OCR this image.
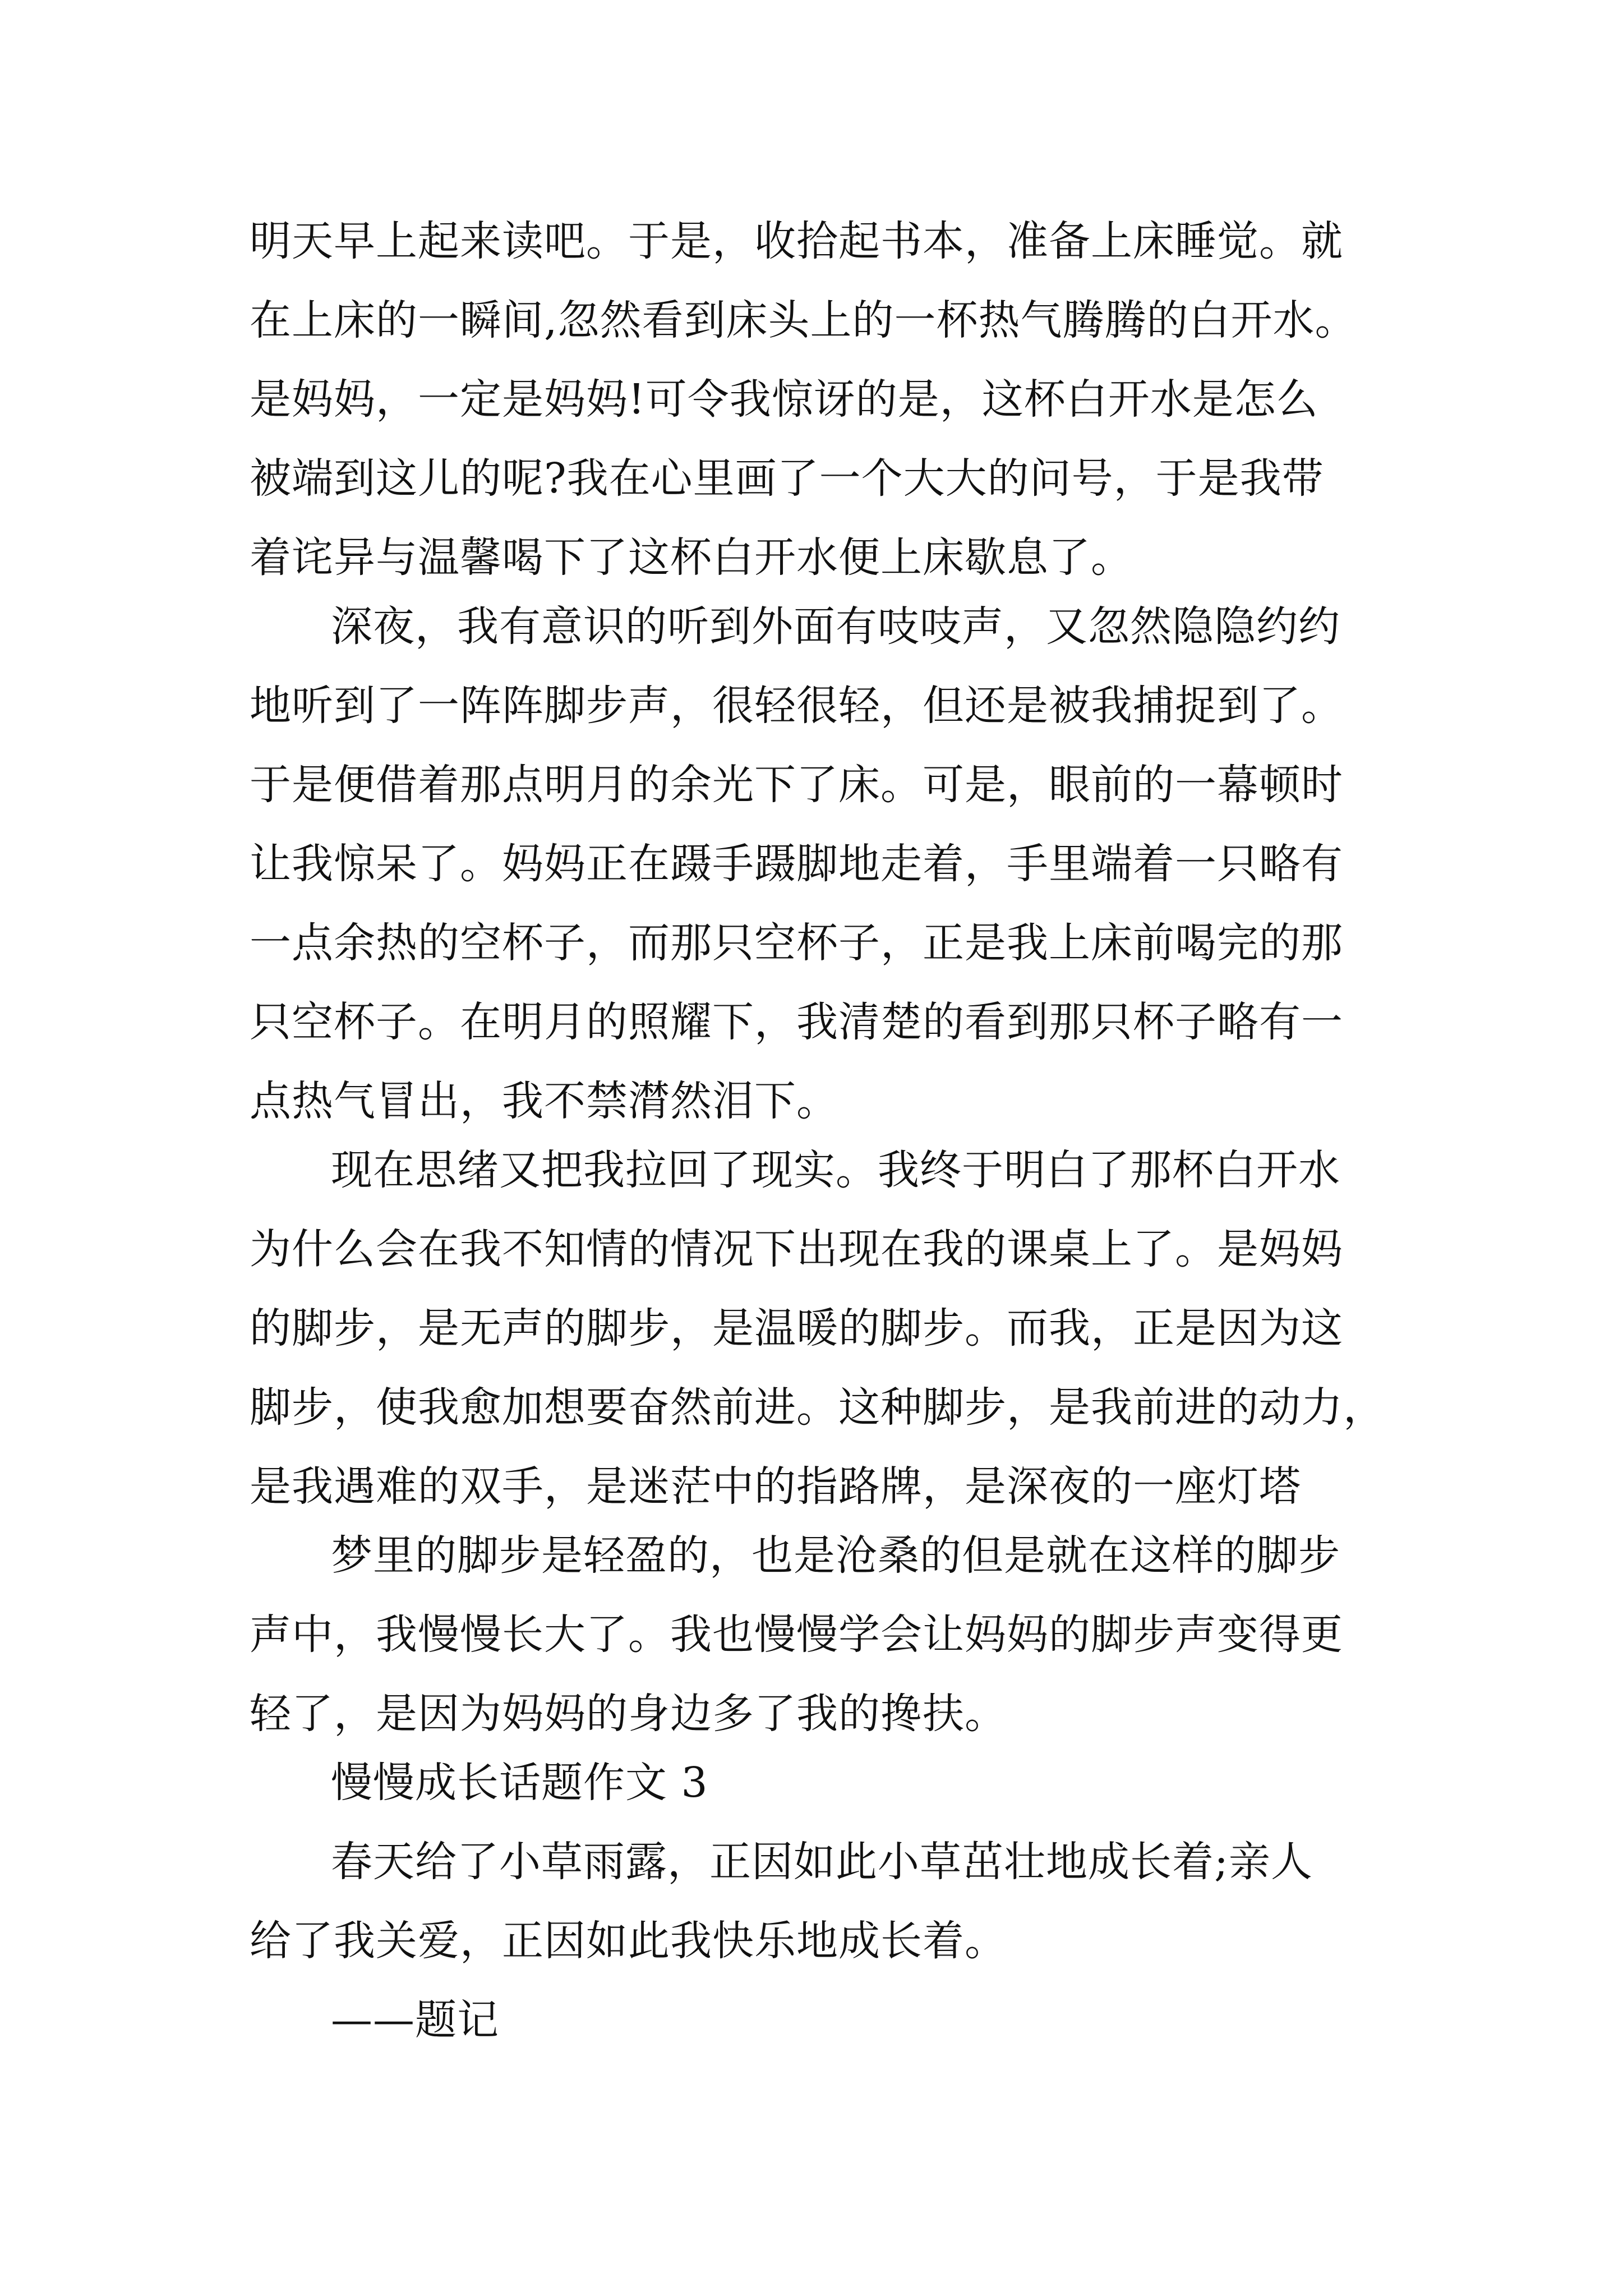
明天早上起来读吧。于是，收拾起书本，准备上床睡觉。就
在上床的一瞬间,忽然看到床头上的一杯热气腾腾的白开水。
是妈妈，一定是妈妈!可令我惊讶的是，这杯白开水是怎么
被端到这儿的呢?我在心里画了一个大大的问号，于是我带
着诧异与温馨喝下了这杯白开水便上床歇息了。
深夜，我有意识的听到外面有吱吱声，又忽然隐隐约约
地听到了一阵阵脚步声，很轻很轻，但还是被我捕捉到了。
于是便借着那点明月的余光下了床。可是，眼前的一幕顿时
让我惊呆了。妈妈正在蹑手蹑脚地走着，手里端着一只略有
一点余热的空杯子，而那只空杯子，正是我上床前喝完的那
只空杯子。在明月的照耀下，我清楚的看到那只杯子略有一
点热气冒出，我不禁潸然泪下。
现在思绪又把我拉回了现实。我终于明白了那杯白开水
为什么会在我不知情的情况下出现在我的课桌上了。是妈妈
的脚步，是无声的脚步，是温暖的脚步。而我，正是因为这
脚步，使我愈加想要奋然前进。这种脚步，是我前进的动力，
是我遇难的双手，是迷茫中的指路牌，是深夜的一座灯塔
梦里的脚步是轻盈的，也是沧桑的但是就在这样的脚步
声中，我慢慢长大了。我也慢慢学会让妈妈的脚步声变得更
轻了，是因为妈妈的身边多了我的搀扶。
慢慢成长话题作文 3
春天给了小草雨露，正因如此小草茁壮地成长着;亲人
给了我关爱，正因如此我快乐地成长着。
——题记
